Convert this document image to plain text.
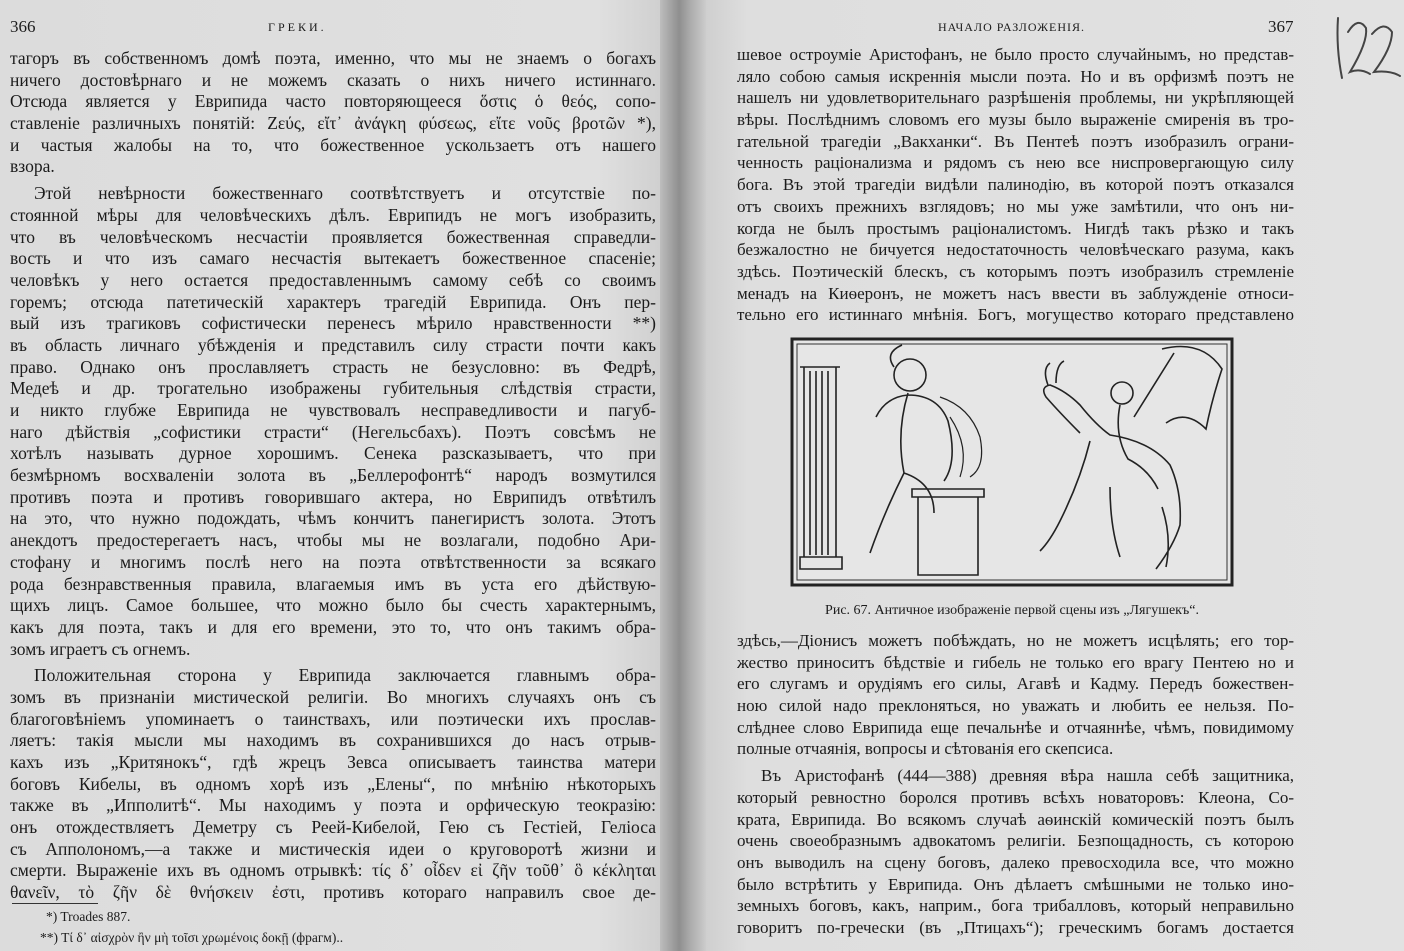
366	ГРЕКИ.
тагоръ въ собственномъ домѣ поэта, именно, что мы не знаемъ о богахъ
ничего достовѣрнаго и не можемъ сказать о нихъ ничего истиннаго.
Отсюда является у Еврипида часто повторяющееся ὅστις ὁ θεός, сопо-
ставленіе различныхъ понятій: Ζεύς, εἴτ᾽ ἀνάγκη φύσεως, εἴτε νοῦς βροτῶν *),
и частыя жалобы на то, что божественное ускользаетъ отъ нашего
взора.
Этой невѣрности божественнаго соотвѣтствуетъ и отсутствіе по-
стоянной мѣры для человѣческихъ дѣлъ. Еврипидъ не могъ изобразить,
что въ человѣческомъ несчастіи проявляется божественная справедли-
вость и что изъ самаго несчастія вытекаетъ божественное спасеніе;
человѣкъ у него остается предоставленнымъ самому себѣ со своимъ
горемъ; отсюда патетическій характеръ трагедій Еврипида. Онъ пер-
вый изъ трагиковъ софистически перенесъ мѣрило нравственности **)
въ область личнаго убѣжденія и представилъ силу страсти почти какъ
право. Однако онъ прославляетъ страсть не безусловно: въ Федрѣ,
Медеѣ и др. трогательно изображены губительныя слѣдствія страсти,
и никто глубже Еврипида не чувствовалъ несправедливости и пагуб-
наго дѣйствія „софистики страсти“ (Негельсбахъ). Поэтъ совсѣмъ не
хотѣлъ называть дурное хорошимъ. Сенека разсказываетъ, что при
безмѣрномъ восхваленіи золота въ „Беллерофонтѣ“ народъ возмутился
противъ поэта и противъ говорившаго актера, но Еврипидъ отвѣтилъ
на это, что нужно подождать, чѣмъ кончитъ панегиристъ золота. Этотъ
анекдотъ предостерегаетъ насъ, чтобы мы не возлагали, подобно Ари-
стофану и многимъ послѣ него на поэта отвѣтственности за всякаго
рода безнравственныя правила, влагаемыя имъ въ уста его дѣйствую-
щихъ лицъ. Самое большее, что можно было бы счесть характернымъ,
какъ для поэта, такъ и для его времени, это то, что онъ такимъ обра-
зомъ играетъ съ огнемъ.
Положительная сторона у Еврипида заключается главнымъ обра-
зомъ въ признаніи мистической религіи. Во многихъ случаяхъ онъ съ
благоговѣніемъ упоминаетъ о таинствахъ, или поэтически ихъ прослав-
ляетъ: такія мысли мы находимъ въ сохранившихся до насъ отрыв-
кахъ изъ „Критянокъ“, гдѣ жрецъ Зевса описываетъ таинства матери
боговъ Кибелы, въ одномъ хорѣ изъ „Елены“, по мнѣнію нѣкоторыхъ
также въ „Ипполитѣ“. Мы находимъ у поэта и орфическую теокразію:
онъ отождествляетъ Деметру съ Реей-Кибелой, Гею съ Гестіей, Геліоса
съ Апполономъ,—а также и мистическія идеи о круговоротѣ жизни и
смерти. Выраженіе ихъ въ одномъ отрывкѣ: τίς δ᾽ οἶδεν εἰ ζῆν τοῦθ᾽ ὃ κέκληται
θανεῖν, τὸ ζῆν δὲ θνήσκειν ἐστι, противъ котораго направилъ свое де-
*) Troades 887.
**) Τί δ᾽ αἰσχρὸν ἢν μὴ τοῖσι χρωμένοις δοκῇ (фрагм)..
НАЧАЛО РАЗЛОЖЕНІЯ.	367
шевое остроуміе Аристофанъ, не было просто случайнымъ, но представ-
ляло собою самыя искреннія мысли поэта. Но и въ орфизмѣ поэтъ не
нашелъ ни удовлетворительнаго разрѣшенія проблемы, ни укрѣпляющей
вѣры. Послѣднимъ словомъ его музы было выраженіе смиренія въ тро-
гательной трагедіи „Вакханки“. Въ Пентеѣ поэтъ изобразилъ ограни-
ченность раціонализма и рядомъ съ нею все ниспровергающую силу
бога. Въ этой трагедіи видѣли палинодію, въ которой поэтъ отказался
отъ своихъ прежнихъ взглядовъ; но мы уже замѣтили, что онъ ни-
когда не былъ простымъ раціоналистомъ. Нигдѣ такъ рѣзко и такъ
безжалостно не бичуется недостаточность человѣческаго разума, какъ
здѣсь. Поэтическій блескъ, съ которымъ поэтъ изобразилъ стремленіе
менадъ на Киѳеронъ, не можетъ насъ ввести въ заблужденіе относи-
тельно его истиннаго мнѣнія. Богъ, могущество котораго представлено
Рис. 67. Античное изображеніе первой сцены изъ „Лягушекъ“.
здѣсь,—Діонисъ можетъ побѣждать, но не можетъ исцѣлять; его тор-
жество приноситъ бѣдствіе и гибель не только его врагу Пентею но и
его слугамъ и орудіямъ его силы, Агавѣ и Кадму. Передъ божествен-
ною силой надо преклоняться, но уважать и любить ее нельзя. По-
слѣднее слово Еврипида еще печальнѣе и отчаяннѣе, чѣмъ, повидимому
полные отчаянія, вопросы и сѣтованія его скепсиса.
Въ Аристофанѣ (444—388) древняя вѣра нашла себѣ защитника,
который ревностно боролся противъ всѣхъ новаторовъ: Клеона, Со-
крата, Еврипида. Во всякомъ случаѣ аѳинскій комическій поэтъ былъ
очень своеобразнымъ адвокатомъ религіи. Безпощадность, съ которою
онъ выводилъ на сцену боговъ, далеко превосходила все, что можно
было встрѣтить у Еврипида. Онъ дѣлаетъ смѣшными не только ино-
земныхъ боговъ, какъ, наприм., бога трибалловъ, который неправильно
говоритъ по-гречески (въ „Птицахъ“); греческимъ богамъ достается
